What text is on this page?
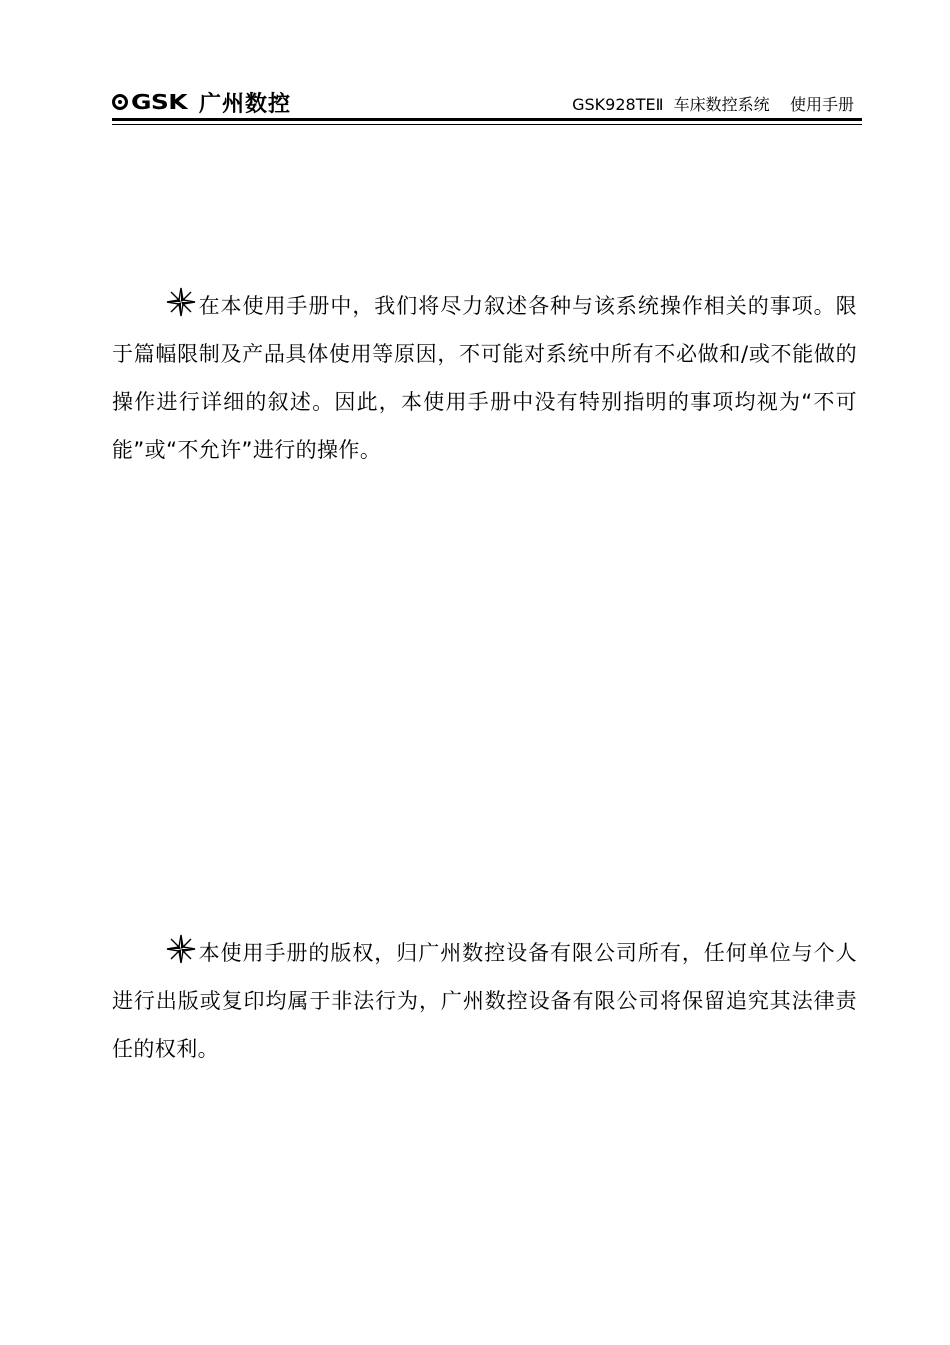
GSK 广州数控	GSK928TEⅡ  车床数控系统    使用手册
在本使用手册中，我们将尽力叙述各种与该系统操作相关的事项。限于篇幅限制及产品具体使用等原因，不可能对系统中所有不必做和/或不能做的操作进行详细的叙述。因此，本使用手册中没有特别指明的事项均视为“不可能”或“不允许”进行的操作。
本使用手册的版权，归广州数控设备有限公司所有，任何单位与个人进行出版或复印均属于非法行为，广州数控设备有限公司将保留追究其法律责任的权利。
